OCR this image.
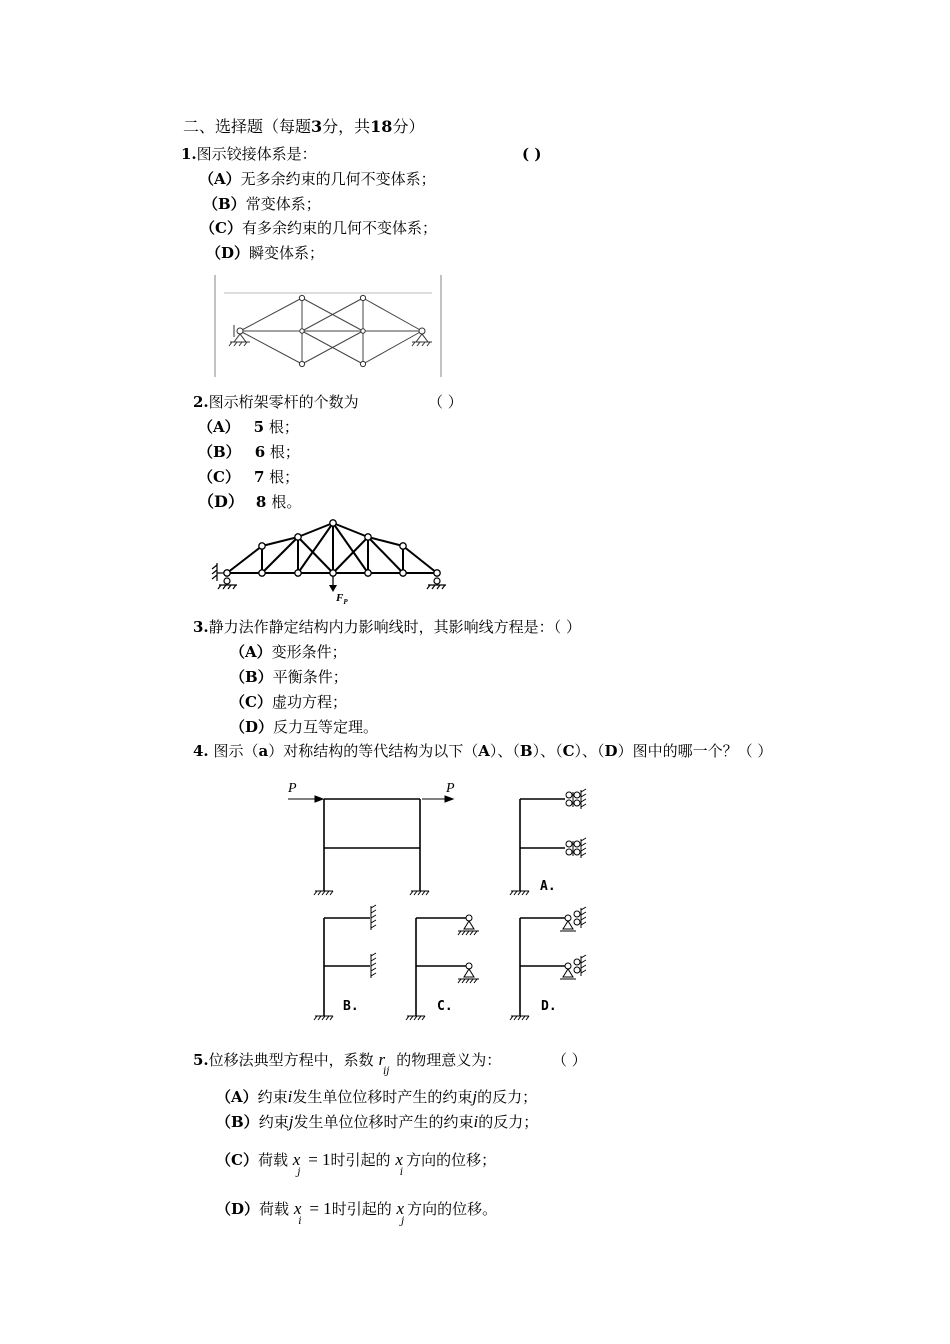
二、选择题（每题3分，共18分）
1.图示铰接体系是：	( )
（A）无多余约束的几何不变体系；
（B）常变体系；
（C）有多余约束的几何不变体系；
（D）瞬变体系；
2.图示桁架零杆的个数为	（ ）
（A） 5 根；
（B） 6 根；
（C） 7 根；
（D） 8 根。
$F_P$
3.静力法作静定结构内力影响线时，其影响线方程是：（ ）
（A）变形条件；
（B）平衡条件；
（C）虚功方程；
（D）反力互等定理。
4. 图示（a）对称结构的等代结构为以下（A）、（B）、（C）、（D）图中的哪一个？（ ）
P	P
A.
B.	C.	D.
5.位移法典型方程中，系数 $r_{ij}$ 的物理意义为：	（ ）
（A）约束i发生单位位移时产生的约束j的反力；
（B）约束j发生单位位移时产生的约束i的反力；
（C）荷载 $x_j = 1$时引起的 $x_i$方向的位移；
（D）荷载 $x_i = 1$时引起的 $x_j$方向的位移。
